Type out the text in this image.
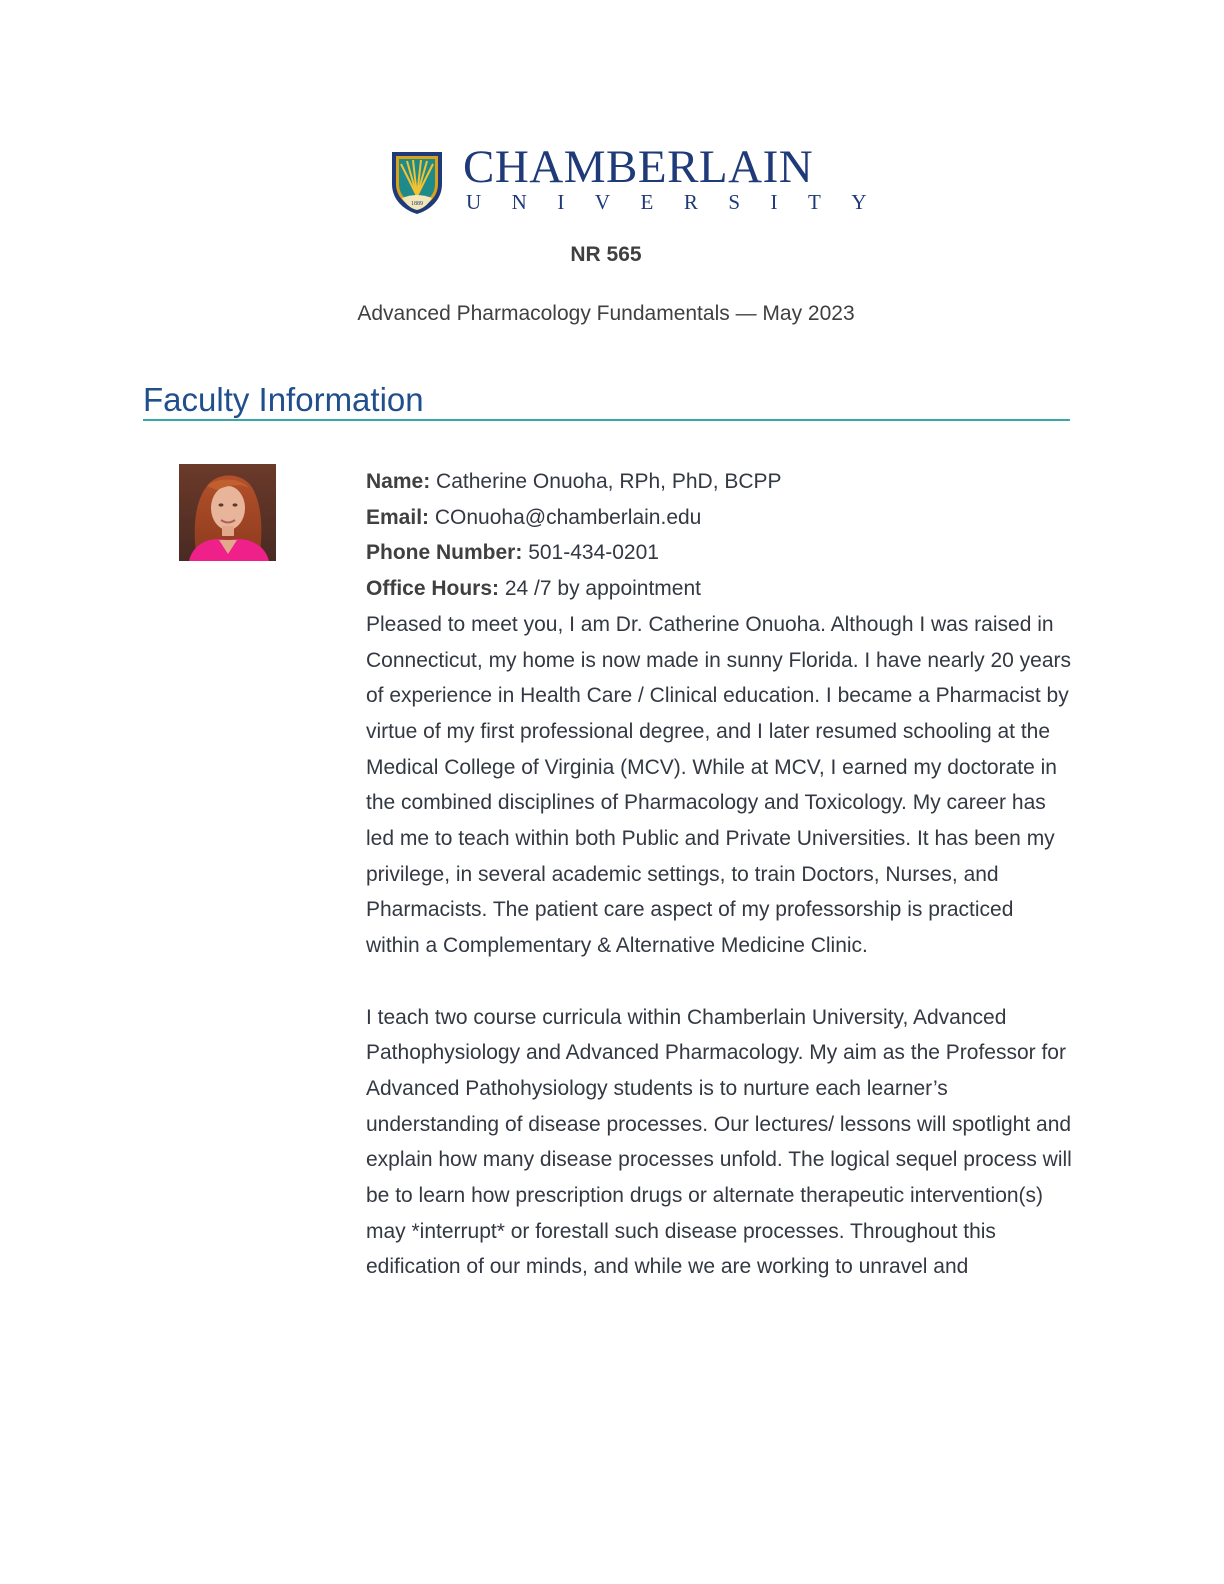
1889
CHAMBERLAIN
UNIVERSITY
NR 565
Advanced Pharmacology Fundamentals — May 2023
Faculty Information
Name: Catherine Onuoha, RPh, PhD, BCPP
Email: COnuoha@chamberlain.edu
Phone Number: 501-434-0201
Office Hours: 24 /7 by appointment

Pleased to meet you, I am Dr. Catherine Onuoha. Although I was raised in Connecticut, my home is now made in sunny Florida. I have nearly 20 years of experience in Health Care / Clinical education. I became a Pharmacist by virtue of my first professional degree, and I later resumed schooling at the Medical College of Virginia (MCV). While at MCV, I earned my doctorate in the combined disciplines of Pharmacology and Toxicology. My career has led me to teach within both Public and Private Universities. It has been my privilege, in several academic settings, to train Doctors, Nurses, and Pharmacists. The patient care aspect of my professorship is practiced within a Complementary & Alternative Medicine Clinic.

I teach two course curricula within Chamberlain University, Advanced Pathophysiology and Advanced Pharmacology. My aim as the Professor for Advanced Pathohysiology students is to nurture each learner’s understanding of disease processes. Our lectures/ lessons will spotlight and explain how many disease processes unfold. The logical sequel process will be to learn how prescription drugs or alternate therapeutic intervention(s) may *interrupt* or forestall such disease processes. Throughout this edification of our minds, and while we are working to unravel and
